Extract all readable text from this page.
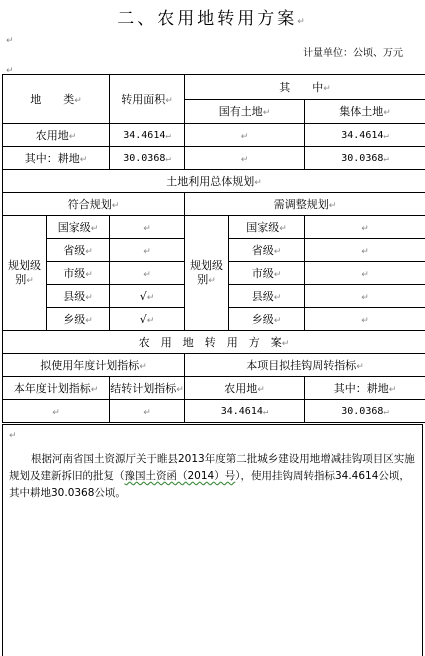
二、农用地转用方案↵
↵
↵
计量单位：公顷、万元
地　　类↵		转用面积↵	其　　中↵		
			国有土地↵		集体土地↵
农用地↵		34.4614↵	↵		34.4614↵
其中：耕地↵		30.0368↵	↵		30.0368↵
土地利用总体规划↵					
符合规划↵			需调整规划↵		
规划级别↵	国家级↵	↵	规划级别↵	国家级↵	↵
	省级↵	↵		省级↵	↵
	市级↵	↵		市级↵	↵
	县级↵	√↵		县级↵	↵
	乡级↵	√↵		乡级↵	↵
农　用　地　转　用　方　案↵					
拟使用年度计划指标↵			本项目拟挂钩周转指标↵		
本年度计划指标↵		结转计划指标↵	农用地↵		其中：耕地↵
↵		↵	34.4614↵		30.0368↵
↵

根据河南省国土资源厅关于睢县2013年度第二批城乡建设用地增减挂钩项目区实施规划及建新拆旧的批复（豫国土资函（2014）号），使用挂钩周转指标34.4614公顷，其中耕地30.0368公顷。
